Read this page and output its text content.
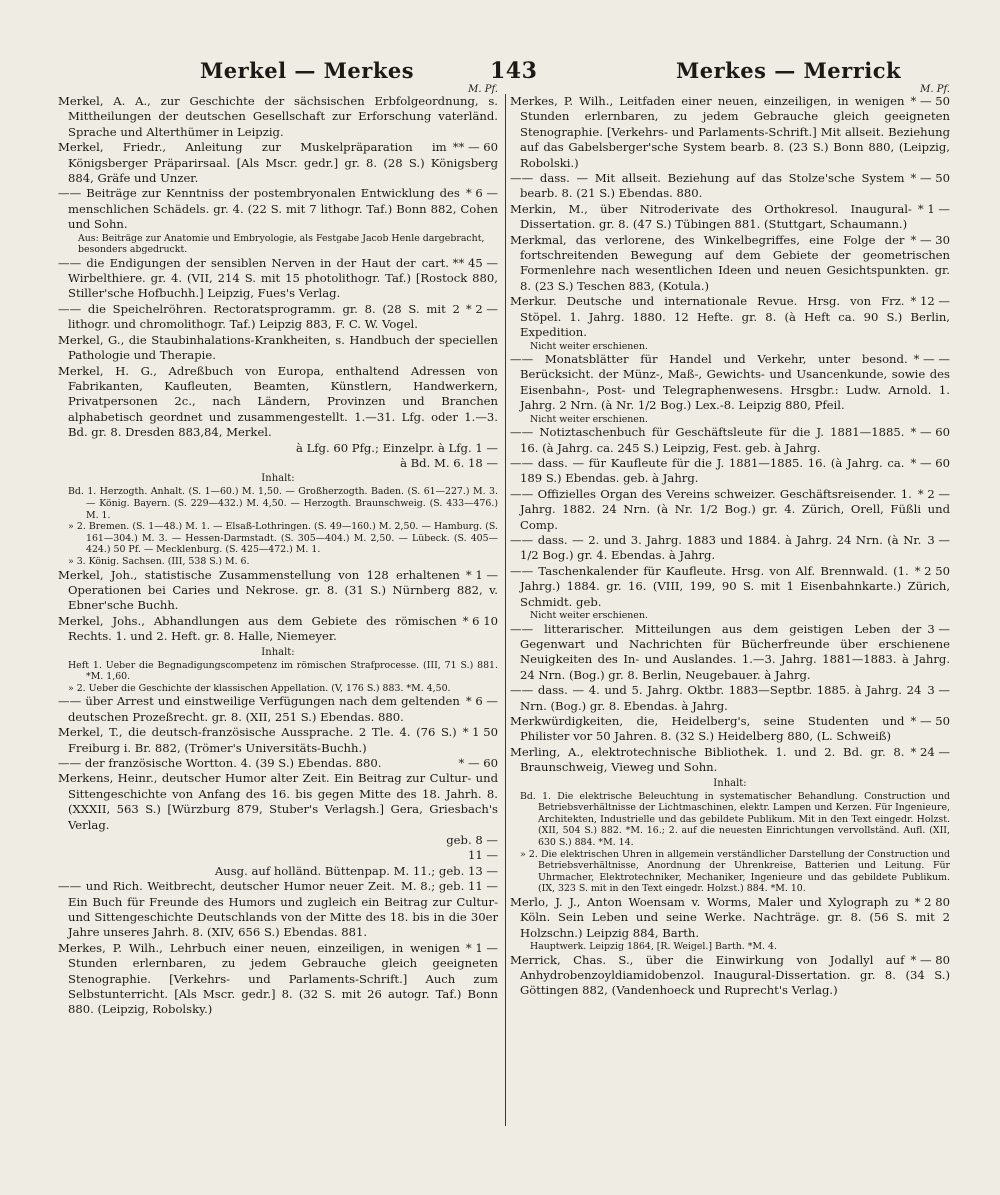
Merkel — Merkes	143	Merkes — Merrick
M. Pf.

Merkel, A. A., zur Geschichte der sächsischen Erbfolgeordnung, s. Mittheilungen der deutschen Gesellschaft zur Erforschung vaterländ. Sprache und Alterthümer in Leipzig.

** — 60
Merkel, Friedr., Anleitung zur Muskelpräparation im Königsberger Präparirsaal. [Als Mscr. gedr.] gr. 8. (28 S.) Königsberg 884, Gräfe und Unzer.

* 6 —
—— Beiträge zur Kenntniss der postembryonalen Entwicklung des menschlichen Schädels. gr. 4. (22 S. mit 7 lithogr. Taf.) Bonn 882, Cohen und Sohn.

Aus: Beiträge zur Anatomie und Embryologie, als Festgabe Jacob Henle dargebracht, besonders abgedruckt.

cart. ** 45 —
—— die Endigungen der sensiblen Nerven in der Haut der Wirbelthiere. gr. 4. (VII, 214 S. mit 15 photolithogr. Taf.) [Rostock 880, Stiller'sche Hofbuchh.] Leipzig, Fues's Verlag.

* 2 —
—— die Speichelröhren. Rectoratsprogramm. gr. 8. (28 S. mit 2 lithogr. und chromolithogr. Taf.) Leipzig 883, F. C. W. Vogel.

Merkel, G., die Staubinhalations-Krankheiten, s. Handbuch der speciellen Pathologie und Therapie.

Merkel, H. G., Adreßbuch von Europa, enthaltend Adressen von Fabrikanten, Kaufleuten, Beamten, Künstlern, Handwerkern, Privatpersonen 2c., nach Ländern, Provinzen und Branchen alphabetisch geordnet und zusammengestellt. 1.—31. Lfg. oder 1.—3. Bd. gr. 8. Dresden 883,84, Merkel.

à Lfg. 60 Pfg.; Einzelpr. à Lfg. 1 —

à Bd. M. 6. 18 —

Inhalt:

Bd. 1. Herzogth. Anhalt. (S. 1—60.) M. 1,50. — Großherzogth. Baden. (S. 61—227.) M. 3. — König. Bayern. (S. 229—432.) M. 4,50. — Herzogth. Braunschweig. (S. 433—476.) M. 1.

» 2. Bremen. (S. 1—48.) M. 1. — Elsaß-Lothringen. (S. 49—160.) M. 2,50. — Hamburg. (S. 161—304.) M. 3. — Hessen-Darmstadt. (S. 305—404.) M. 2,50. — Lübeck. (S. 405—424.) 50 Pf. — Mecklenburg. (S. 425—472.) M. 1.

» 3. König. Sachsen. (III, 538 S.) M. 6.

* 1 —
Merkel, Joh., statistische Zusammenstellung von 128 erhaltenen Operationen bei Caries und Nekrose. gr. 8. (31 S.) Nürnberg 882, v. Ebner'sche Buchh.

* 6 10
Merkel, Johs., Abhandlungen aus dem Gebiete des römischen Rechts. 1. und 2. Heft. gr. 8. Halle, Niemeyer.

Inhalt:

Heft 1. Ueber die Begnadigungscompetenz im römischen Strafprocesse. (III, 71 S.) 881. *M. 1,60.

» 2. Ueber die Geschichte der klassischen Appellation. (V, 176 S.) 883. *M. 4,50.

* 6 —
—— über Arrest und einstweilige Verfügungen nach dem geltenden deutschen Prozeßrecht. gr. 8. (XII, 251 S.) Ebendas. 880.

* 1 50
Merkel, T., die deutsch-französische Aussprache. 2 Tle. 4. (76 S.) Freiburg i. Br. 882, (Trömer's Universitäts-Buchh.)

* — 60
—— der französische Wortton. 4. (39 S.) Ebendas. 880.

Merkens, Heinr., deutscher Humor alter Zeit. Ein Beitrag zur Cultur- und Sittengeschichte von Anfang des 16. bis gegen Mitte des 18. Jahrh. 8. (XXXII, 563 S.) [Würzburg 879, Stuber's Verlagsh.] Gera, Griesbach's Verlag.

geb. 8 —

11 —

Ausg. auf holländ. Büttenpap. M. 11.; geb. 13 —

M. 8.; geb. 11 —
—— und Rich. Weitbrecht, deutscher Humor neuer Zeit. Ein Buch für Freunde des Humors und zugleich ein Beitrag zur Cultur- und Sittengeschichte Deutschlands von der Mitte des 18. bis in die 30er Jahre unseres Jahrh. 8. (XIV, 656 S.) Ebendas. 881.

* 1 —
Merkes, P. Wilh., Lehrbuch einer neuen, einzeiligen, in wenigen Stunden erlernbaren, zu jedem Gebrauche gleich geeigneten Stenographie. [Verkehrs- und Parlaments-Schrift.] Auch zum Selbstunterricht. [Als Mscr. gedr.] 8. (32 S. mit 26 autogr. Taf.) Bonn 880. (Leipzig, Robolsky.)

M. Pf.

* — 50
Merkes, P. Wilh., Leitfaden einer neuen, einzeiligen, in wenigen Stunden erlernbaren, zu jedem Gebrauche gleich geeigneten Stenographie. [Verkehrs- und Parlaments-Schrift.] Mit allseit. Beziehung auf das Gabelsberger'sche System bearb. 8. (23 S.) Bonn 880, (Leipzig, Robolski.)

* — 50
—— dass. — Mit allseit. Beziehung auf das Stolze'sche System bearb. 8. (21 S.) Ebendas. 880.

* 1 —
Merkin, M., über Nitroderivate des Orthokresol. Inaugural-Dissertation. gr. 8. (47 S.) Tübingen 881. (Stuttgart, Schaumann.)

* — 30
Merkmal, das verlorene, des Winkelbegriffes, eine Folge der fortschreitenden Bewegung auf dem Gebiete der geometrischen Formenlehre nach wesentlichen Ideen und neuen Gesichtspunkten. gr. 8. (23 S.) Teschen 883, (Kotula.)

* 12 —
Merkur. Deutsche und internationale Revue. Hrsg. von Frz. Stöpel. 1. Jahrg. 1880. 12 Hefte. gr. 8. (à Heft ca. 90 S.) Berlin, Expedition.

Nicht weiter erschienen.

* — —
—— Monatsblätter für Handel und Verkehr, unter besond. Berücksicht. der Münz-, Maß-, Gewichts- und Usancenkunde, sowie des Eisenbahn-, Post- und Telegraphenwesens. Hrsgbr.: Ludw. Arnold. 1. Jahrg. 2 Nrn. (à Nr. 1/2 Bog.) Lex.-8. Leipzig 880, Pfeil.

Nicht weiter erschienen.

* — 60
—— Notiztaschenbuch für Geschäftsleute für die J. 1881—1885. 16. (à Jahrg. ca. 245 S.) Leipzig, Fest. geb. à Jahrg.

* — 60
—— dass. — für Kaufleute für die J. 1881—1885. 16. (à Jahrg. ca. 189 S.) Ebendas. geb. à Jahrg.

* 2 —
—— Offizielles Organ des Vereins schweizer. Geschäftsreisender. 1. Jahrg. 1882. 24 Nrn. (à Nr. 1/2 Bog.) gr. 4. Zürich, Orell, Füßli und Comp.

3 —
—— dass. — 2. und 3. Jahrg. 1883 und 1884. à Jahrg. 24 Nrn. (à Nr. 1/2 Bog.) gr. 4. Ebendas. à Jahrg.

* 2 50
—— Taschenkalender für Kaufleute. Hrsg. von Alf. Brennwald. (1. Jahrg.) 1884. gr. 16. (VIII, 199, 90 S. mit 1 Eisenbahnkarte.) Zürich, Schmidt. geb.

Nicht weiter erschienen.

3 —
—— litterarischer. Mitteilungen aus dem geistigen Leben der Gegenwart und Nachrichten für Bücherfreunde über erschienene Neuigkeiten des In- und Auslandes. 1.—3. Jahrg. 1881—1883. à Jahrg. 24 Nrn. (Bog.) gr. 8. Berlin, Neugebauer. à Jahrg.

3 —
—— dass. — 4. und 5. Jahrg. Oktbr. 1883—Septbr. 1885. à Jahrg. 24 Nrn. (Bog.) gr. 8. Ebendas. à Jahrg.

* — 50
Merkwürdigkeiten, die, Heidelberg's, seine Studenten und Philister vor 50 Jahren. 8. (32 S.) Heidelberg 880, (L. Schweiß)

* 24 —
Merling, A., elektrotechnische Bibliothek. 1. und 2. Bd. gr. 8. Braunschweig, Vieweg und Sohn.

Inhalt:

Bd. 1. Die elektrische Beleuchtung in systematischer Behandlung. Construction und Betriebsverhältnisse der Lichtmaschinen, elektr. Lampen und Kerzen. Für Ingenieure, Architekten, Industrielle und das gebildete Publikum. Mit in den Text eingedr. Holzst. (XII, 504 S.) 882. *M. 16.; 2. auf die neuesten Einrichtungen vervollständ. Aufl. (XII, 630 S.) 884. *M. 14.

» 2. Die elektrischen Uhren in allgemein verständlicher Darstellung der Construction und Betriebsverhältnisse, Anordnung der Uhrenkreise, Batterien und Leitung. Für Uhrmacher, Elektrotechniker, Mechaniker, Ingenieure und das gebildete Publikum. (IX, 323 S. mit in den Text eingedr. Holzst.) 884. *M. 10.

* 2 80
Merlo, J. J., Anton Woensam v. Worms, Maler und Xylograph zu Köln. Sein Leben und seine Werke. Nachträge. gr. 8. (56 S. mit 2 Holzschn.) Leipzig 884, Barth.

Hauptwerk. Leipzig 1864, [R. Weigel.] Barth. *M. 4.

* — 80
Merrick, Chas. S., über die Einwirkung von Jodallyl auf Anhydrobenzoyldiamidobenzol. Inaugural-Dissertation. gr. 8. (34 S.) Göttingen 882, (Vandenhoeck und Ruprecht's Verlag.)
